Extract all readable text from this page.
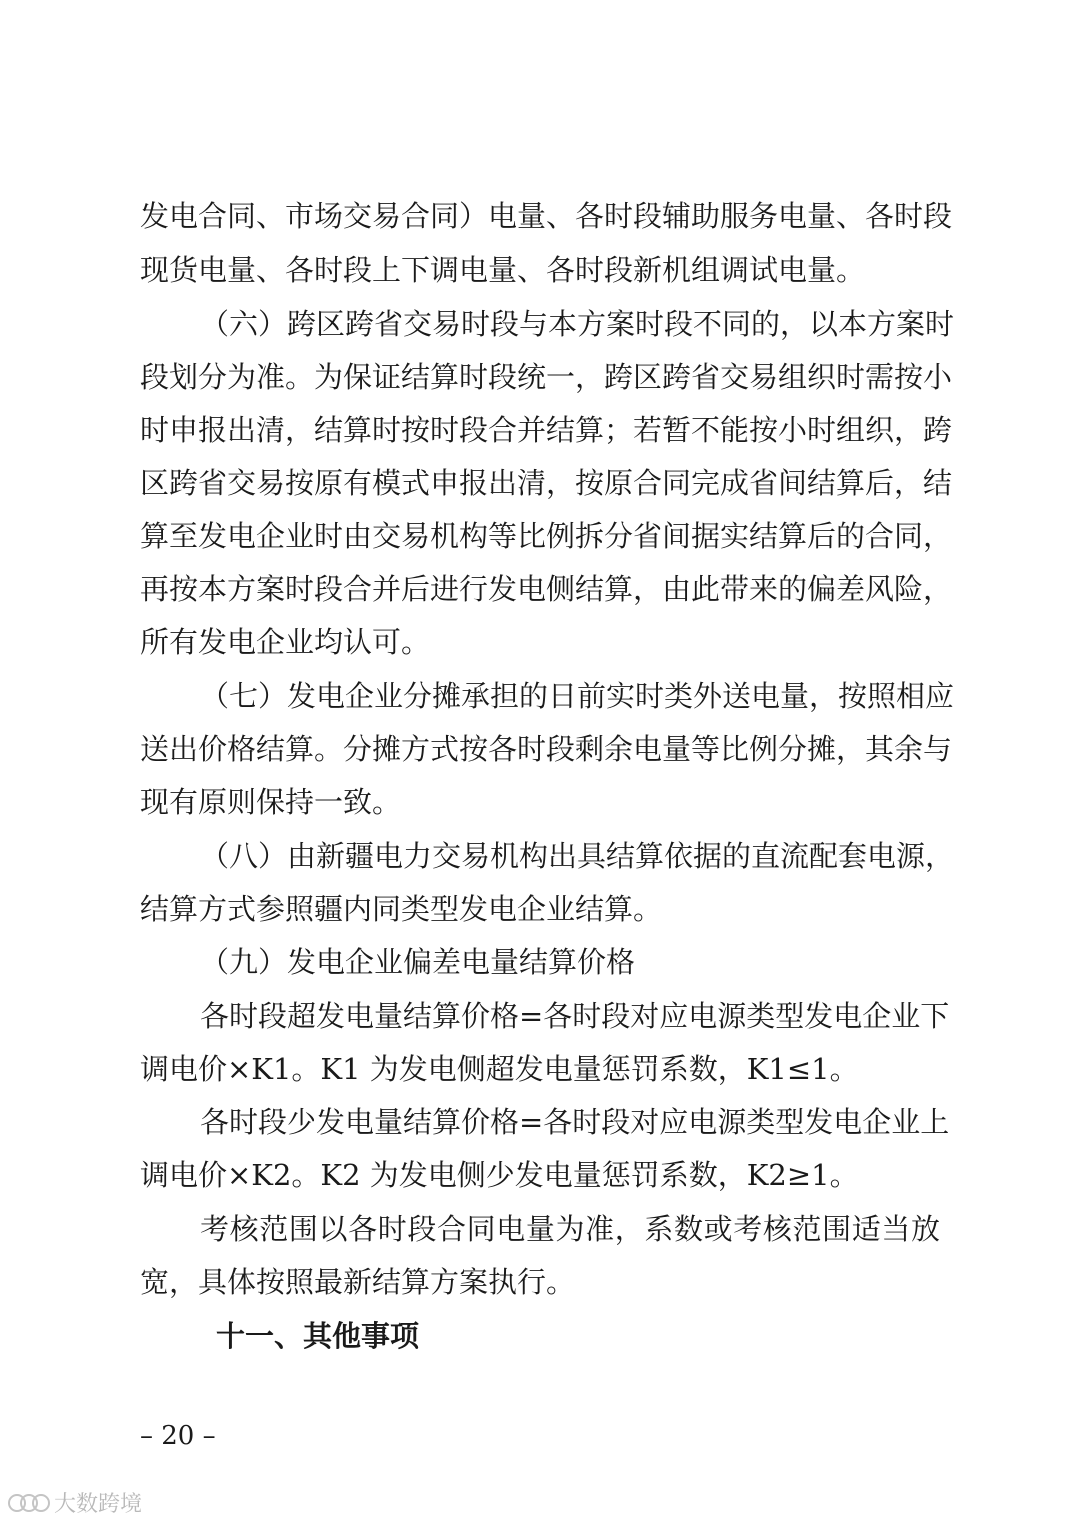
发电合同、市场交易合同）电量、各时段辅助服务电量、各时段
现货电量、各时段上下调电量、各时段新机组调试电量。
（六）跨区跨省交易时段与本方案时段不同的，以本方案时
段划分为准。为保证结算时段统一，跨区跨省交易组织时需按小
时申报出清，结算时按时段合并结算；若暂不能按小时组织，跨
区跨省交易按原有模式申报出清，按原合同完成省间结算后，结
算至发电企业时由交易机构等比例拆分省间据实结算后的合同，
再按本方案时段合并后进行发电侧结算，由此带来的偏差风险，
所有发电企业均认可。
（七）发电企业分摊承担的日前实时类外送电量，按照相应
送出价格结算。分摊方式按各时段剩余电量等比例分摊，其余与
现有原则保持一致。
（八）由新疆电力交易机构出具结算依据的直流配套电源，
结算方式参照疆内同类型发电企业结算。
（九）发电企业偏差电量结算价格
各时段超发电量结算价格=各时段对应电源类型发电企业下
调电价×K1。K1 为发电侧超发电量惩罚系数，K1≤1。
各时段少发电量结算价格=各时段对应电源类型发电企业上
调电价×K2。K2 为发电侧少发电量惩罚系数，K2≥1。
考核范围以各时段合同电量为准，系数或考核范围适当放
宽，具体按照最新结算方案执行。
十一、其他事项
– 20 –
大数跨境
